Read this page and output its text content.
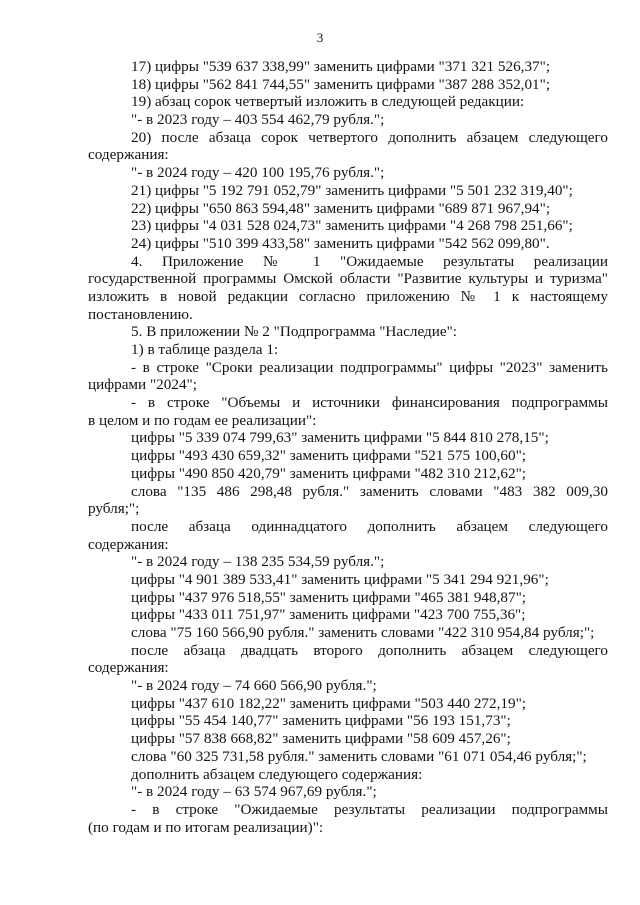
3
17) цифры "539 637 338,99" заменить цифрами "371 321 526,37";
18) цифры "562 841 744,55" заменить цифрами "387 288 352,01";
19) абзац сорок четвертый изложить в следующей редакции:
"- в 2023 году – 403 554 462,79 рубля.";
20) после абзаца сорок четвертого дополнить абзацем следующего
содержания:
"- в 2024 году – 420 100 195,76 рубля.";
21) цифры "5 192 791 052,79" заменить цифрами "5 501 232 319,40";
22) цифры "650 863 594,48" заменить цифрами "689 871 967,94";
23) цифры "4 031 528 024,73" заменить цифрами "4 268 798 251,66";
24) цифры "510 399 433,58" заменить цифрами "542 562 099,80".
4. Приложение № 1 "Ожидаемые результаты реализации
государственной программы Омской области "Развитие культуры и туризма"
изложить в новой редакции согласно приложению № 1 к настоящему
постановлению.
5. В приложении № 2 "Подпрограмма "Наследие":
1) в таблице раздела 1:
- в строке "Сроки реализации подпрограммы" цифры "2023" заменить
цифрами "2024";
- в строке "Объемы и источники финансирования подпрограммы
в целом и по годам ее реализации":
цифры "5 339 074 799,63" заменить цифрами "5 844 810 278,15";
цифры "493 430 659,32" заменить цифрами "521 575 100,60";
цифры "490 850 420,79" заменить цифрами "482 310 212,62";
слова "135 486 298,48 рубля." заменить словами "483 382 009,30
рубля;";
после абзаца одиннадцатого дополнить абзацем следующего
содержания:
"- в 2024 году – 138 235 534,59 рубля.";
цифры "4 901 389 533,41" заменить цифрами "5 341 294 921,96";
цифры "437 976 518,55" заменить цифрами "465 381 948,87";
цифры "433 011 751,97" заменить цифрами "423 700 755,36";
слова "75 160 566,90 рубля." заменить словами "422 310 954,84 рубля;";
после абзаца двадцать второго дополнить абзацем следующего
содержания:
"- в 2024 году – 74 660 566,90 рубля.";
цифры "437 610 182,22" заменить цифрами "503 440 272,19";
цифры "55 454 140,77" заменить цифрами "56 193 151,73";
цифры "57 838 668,82" заменить цифрами "58 609 457,26";
слова "60 325 731,58 рубля." заменить словами "61 071 054,46 рубля;";
дополнить абзацем следующего содержания:
"- в 2024 году – 63 574 967,69 рубля.";
- в строке "Ожидаемые результаты реализации подпрограммы
(по годам и по итогам реализации)":
